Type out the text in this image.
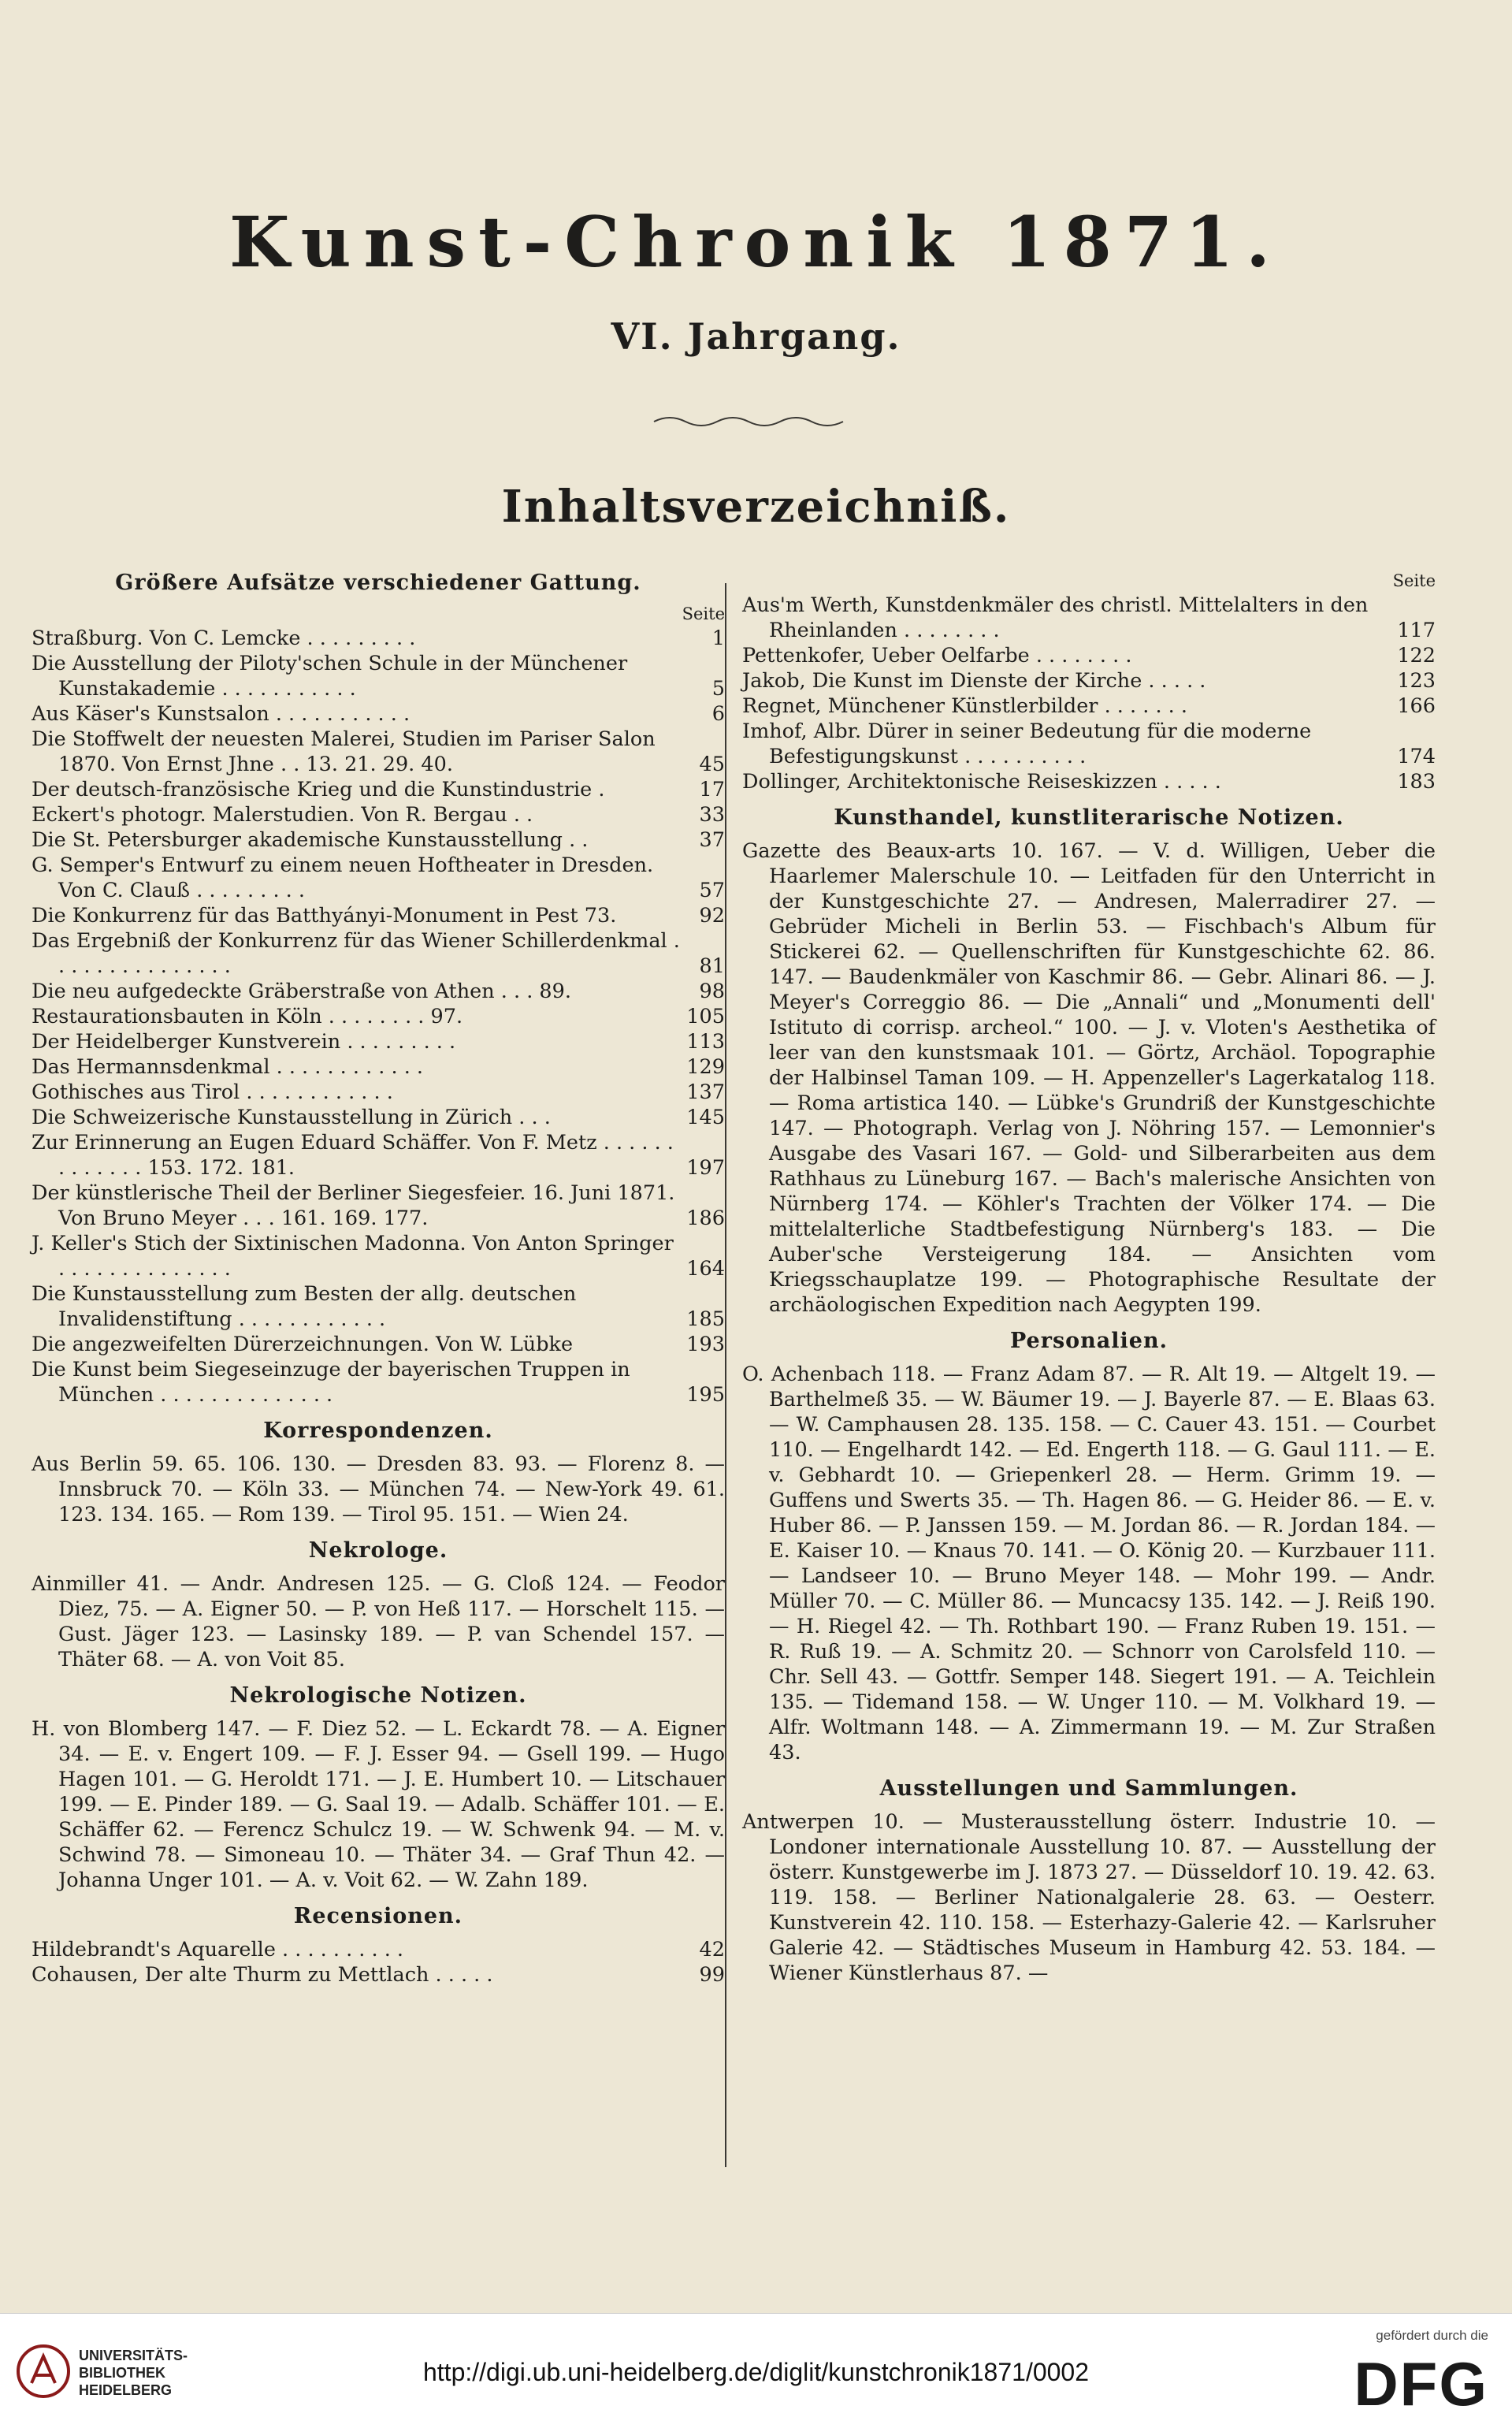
Kunst-Chronik 1871.
VI. Jahrgang.
Inhaltsverzeichniß.
Größere Aufsätze verschiedener Gattung.
Seite
Straßburg. Von C. Lemcke . . . . . . . . .	1
Die Ausstellung der Piloty'schen Schule in der Münchener Kunstakademie . . . . . . . . . . .	5
Aus Käser's Kunstsalon . . . . . . . . . . .	6
Die Stoffwelt der neuesten Malerei, Studien im Pariser Salon 1870. Von Ernst Jhne . . 13. 21. 29. 40.	45
Der deutsch-französische Krieg und die Kunstindustrie .	17
Eckert's photogr. Malerstudien. Von R. Bergau . .	33
Die St. Petersburger akademische Kunstausstellung . .	37
G. Semper's Entwurf zu einem neuen Hoftheater in Dresden. Von C. Clauß . . . . . . . . .	57
Die Konkurrenz für das Batthyányi-Monument in Pest 73.	92
Das Ergebniß der Konkurrenz für das Wiener Schillerdenkmal . . . . . . . . . . . . . . .	81
Die neu aufgedeckte Gräberstraße von Athen . . . 89.	98
Restaurationsbauten in Köln . . . . . . . . 97.	105
Der Heidelberger Kunstverein . . . . . . . . .	113
Das Hermannsdenkmal . . . . . . . . . . . .	129
Gothisches aus Tirol . . . . . . . . . . . .	137
Die Schweizerische Kunstausstellung in Zürich . . .	145
Zur Erinnerung an Eugen Eduard Schäffer. Von F. Metz . . . . . . . . . . . . . 153. 172. 181.	197
Der künstlerische Theil der Berliner Siegesfeier. 16. Juni 1871. Von Bruno Meyer . . . 161. 169. 177.	186
J. Keller's Stich der Sixtinischen Madonna. Von Anton Springer . . . . . . . . . . . . . .	164
Die Kunstausstellung zum Besten der allg. deutschen Invalidenstiftung . . . . . . . . . . . .	185
Die angezweifelten Dürerzeichnungen. Von W. Lübke	193
Die Kunst beim Siegeseinzuge der bayerischen Truppen in München . . . . . . . . . . . . . .	195
Korrespondenzen.
Aus Berlin 59. 65. 106. 130. — Dresden 83. 93. — Florenz 8. — Innsbruck 70. — Köln 33. — München 74. — New-York 49. 61. 123. 134. 165. — Rom 139. — Tirol 95. 151. — Wien 24.
Nekrologe.
Ainmiller 41. — Andr. Andresen 125. — G. Cloß 124. — Feodor Diez, 75. — A. Eigner 50. — P. von Heß 117. — Horschelt 115. — Gust. Jäger 123. — Lasinsky 189. — P. van Schendel 157. — Thäter 68. — A. von Voit 85.
Nekrologische Notizen.
H. von Blomberg 147. — F. Diez 52. — L. Eckardt 78. — A. Eigner 34. — E. v. Engert 109. — F. J. Esser 94. — Gsell 199. — Hugo Hagen 101. — G. Heroldt 171. — J. E. Humbert 10. — Litschauer 199. — E. Pinder 189. — G. Saal 19. — Adalb. Schäffer 101. — E. Schäffer 62. — Ferencz Schulcz 19. — W. Schwenk 94. — M. v. Schwind 78. — Simoneau 10. — Thäter 34. — Graf Thun 42. — Johanna Unger 101. — A. v. Voit 62. — W. Zahn 189.
Recensionen.
Hildebrandt's Aquarelle . . . . . . . . . .	42
Cohausen, Der alte Thurm zu Mettlach . . . . .	99
Seite
Aus'm Werth, Kunstdenkmäler des christl. Mittelalters in den Rheinlanden . . . . . . . .	117
Pettenkofer, Ueber Oelfarbe . . . . . . . .	122
Jakob, Die Kunst im Dienste der Kirche . . . . .	123
Regnet, Münchener Künstlerbilder . . . . . . .	166
Imhof, Albr. Dürer in seiner Bedeutung für die moderne Befestigungskunst . . . . . . . . . .	174
Dollinger, Architektonische Reiseskizzen . . . . .	183
Kunsthandel, kunstliterarische Notizen.
Gazette des Beaux-arts 10. 167. — V. d. Willigen, Ueber die Haarlemer Malerschule 10. — Leitfaden für den Unterricht in der Kunstgeschichte 27. — Andresen, Malerradirer 27. — Gebrüder Micheli in Berlin 53. — Fischbach's Album für Stickerei 62. — Quellenschriften für Kunstgeschichte 62. 86. 147. — Baudenkmäler von Kaschmir 86. — Gebr. Alinari 86. — J. Meyer's Correggio 86. — Die „Annali“ und „Monumenti dell' Istituto di corrisp. archeol.“ 100. — J. v. Vloten's Aesthetika of leer van den kunstsmaak 101. — Görtz, Archäol. Topographie der Halbinsel Taman 109. — H. Appenzeller's Lagerkatalog 118. — Roma artistica 140. — Lübke's Grundriß der Kunstgeschichte 147. — Photograph. Verlag von J. Nöhring 157. — Lemonnier's Ausgabe des Vasari 167. — Gold- und Silberarbeiten aus dem Rathhaus zu Lüneburg 167. — Bach's malerische Ansichten von Nürnberg 174. — Köhler's Trachten der Völker 174. — Die mittelalterliche Stadtbefestigung Nürnberg's 183. — Die Auber'sche Versteigerung 184. — Ansichten vom Kriegsschauplatze 199. — Photographische Resultate der archäologischen Expedition nach Aegypten 199.
Personalien.
O. Achenbach 118. — Franz Adam 87. — R. Alt 19. — Altgelt 19. — Barthelmeß 35. — W. Bäumer 19. — J. Bayerle 87. — E. Blaas 63. — W. Camphausen 28. 135. 158. — C. Cauer 43. 151. — Courbet 110. — Engelhardt 142. — Ed. Engerth 118. — G. Gaul 111. — E. v. Gebhardt 10. — Griepenkerl 28. — Herm. Grimm 19. — Guffens und Swerts 35. — Th. Hagen 86. — G. Heider 86. — E. v. Huber 86. — P. Janssen 159. — M. Jordan 86. — R. Jordan 184. — E. Kaiser 10. — Knaus 70. 141. — O. König 20. — Kurzbauer 111. — Landseer 10. — Bruno Meyer 148. — Mohr 199. — Andr. Müller 70. — C. Müller 86. — Muncacsy 135. 142. — J. Reiß 190. — H. Riegel 42. — Th. Rothbart 190. — Franz Ruben 19. 151. — R. Ruß 19. — A. Schmitz 20. — Schnorr von Carolsfeld 110. — Chr. Sell 43. — Gottfr. Semper 148. Siegert 191. — A. Teichlein 135. — Tidemand 158. — W. Unger 110. — M. Volkhard 19. — Alfr. Woltmann 148. — A. Zimmermann 19. — M. Zur Straßen 43.
Ausstellungen und Sammlungen.
Antwerpen 10. — Musterausstellung österr. Industrie 10. — Londoner internationale Ausstellung 10. 87. — Ausstellung der österr. Kunstgewerbe im J. 1873 27. — Düsseldorf 10. 19. 42. 63. 119. 158. — Berliner Nationalgalerie 28. 63. — Oesterr. Kunstverein 42. 110. 158. — Esterhazy-Galerie 42. — Karlsruher Galerie 42. — Städtisches Museum in Hamburg 42. 53. 184. — Wiener Künstlerhaus 87. —
UNIVERSITÄTS-
BIBLIOTHEK
HEIDELBERG
http://digi.ub.uni-heidelberg.de/diglit/kunstchronik1871/0002
gefördert durch die
DFG
